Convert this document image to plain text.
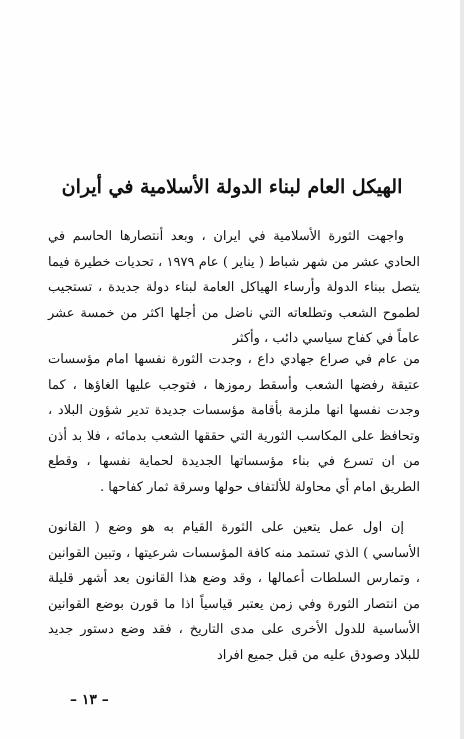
الهيكل العام لبناء الدولة الأسلامية في أيران

واجهت الثورة الأسلامية في ايران ، وبعد أنتصارها الحاسم في الحادي عشر من شهر شباط ( يناير ) عام ١٩٧٩ ، تحديات خطيرة فيما يتصل ببناء الدولة وأرساء الهياكل العامة لبناء دولة جديدة ، تستجيب لطموح الشعب وتطلعاته التي ناضل من أجلها اكثر من خمسة عشر عاماً في كفاح سياسي دائب ، وأكثر

من عام في صراع جهادي داع ، وجدت الثورة نفسها امام مؤسسات عتيقة رفضها الشعب وأسقط رموزها ، فتوجب عليها الغاؤها ، كما وجدت نفسها انها ملزمة بأقامة مؤسسات جديدة تدير شؤون البلاد ، وتحافظ على المكاسب الثورية التي حققها الشعب بدمائه ، فلا بد أذن من ان تسرع في بناء مؤسساتها الجديدة لحماية نفسها ، وقطع الطريق امام أي محاولة للألتفاف حولها وسرقة ثمار كفاحها .

إن اول عمل يتعين على الثورة القيام به هو وضع ( القانون الأساسي ) الذي تستمد منه كافة المؤسسات شرعيتها ، وتبين القوانين ، وتمارس السلطات أعمالها ، وقد وضع هذا القانون بعد أشهر قليلة من انتصار الثورة وفي زمن يعتبر قياسياً اذا ما قورن بوضع القوانين الأساسية للدول الأخرى على مدى التاريخ ، فقد وضع دستور جديد للبلاد وصودق عليه من قبل جميع افراد

– ١٣ –
